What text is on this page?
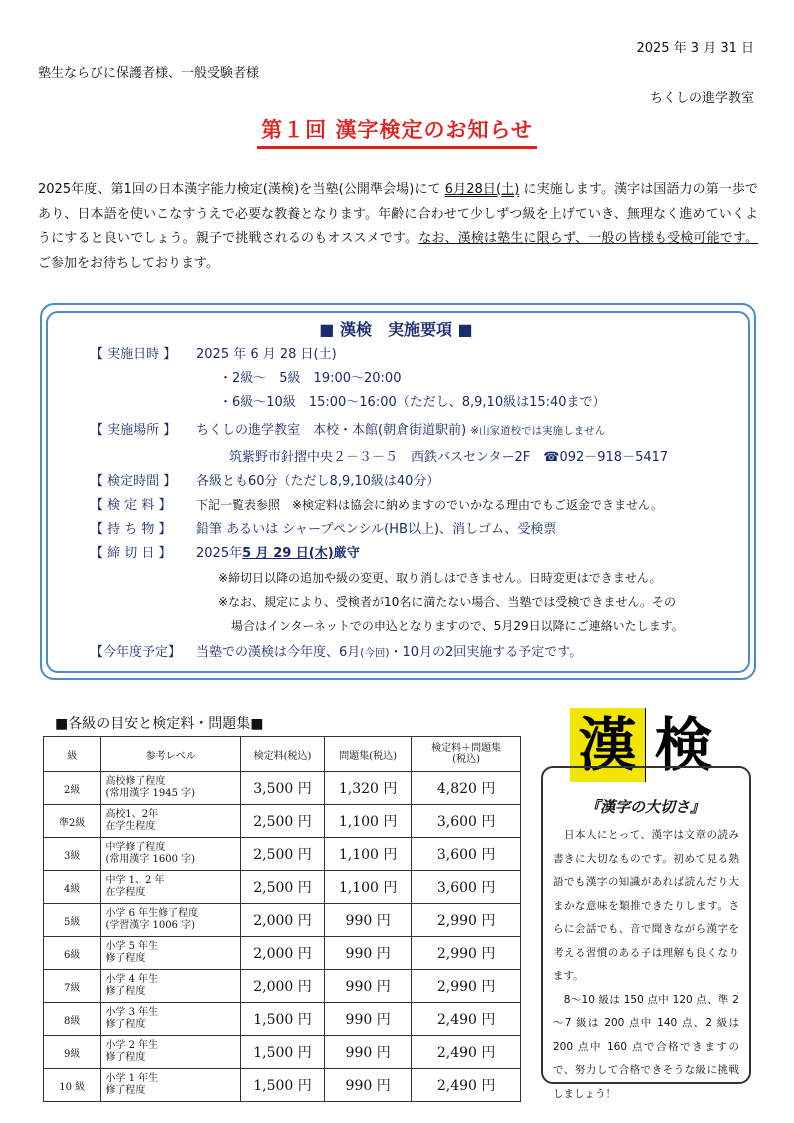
2025 年 3 月 31 日
塾生ならびに保護者様、一般受験者様
ちくしの進学教室
第１回 漢字検定のお知らせ
2025年度、第1回の日本漢字能力検定(漢検)を当塾(公開準会場)にて 6月28日(土) に実施します。漢字は国語力の第一歩であり、日本語を使いこなすうえで必要な教養となります。年齢に合わせて少しずつ級を上げていき、無理なく進めていくようにすると良いでしょう。親子で挑戦されるのもオススメです。なお、漢検は塾生に限らず、一般の皆様も受検可能です。ご参加をお待ちしております。
■ 漢検　実施要項 ■
【 実施日時 】 2025 年 6 月 28 日(土)
・2級～　5級　19:00～20:00
・6級～10級　15:00～16:00（ただし、8,9,10級は15:40まで）
【 実施場所 】 ちくしの進学教室　本校・本館(朝倉街道駅前) ※山家道校では実施しません
筑紫野市針摺中央２－３－５　西鉄バスセンター2F　 ☎092－918－5417
【 検定時間 】 各級とも60分（ただし8,9,10級は40分）
【 検 定 料 】 下記一覧表参照　※検定料は協会に納めますのでいかなる理由でもご返金できません。
【 持 ち 物 】 鉛筆 あるいは シャープペンシル(HB以上)、消しゴム、受検票
【 締 切 日 】 2025年5 月 29 日(木)厳守
※締切日以降の追加や級の変更、取り消しはできません。日時変更はできません。
※なお、規定により、受検者が10名に満たない場合、当塾では受検できません。その
場合はインターネットでの申込となりますので、5月29日以降にご連絡いたします。
【今年度予定】 当塾での漢検は今年度、6月(今回)・10月の2回実施する予定です。
■各級の目安と検定料・問題集■
級	参考レベル	検定料(税込)	問題集(税込)	検定料＋問題集
(税込)
2級	高校修了程度
(常用漢字 1945 字)	3,500 円	1,320 円	4,820 円
準2級	高校1、2年
在学生程度	2,500 円	1,100 円	3,600 円
3級	中学修了程度
(常用漢字 1600 字)	2,500 円	1,100 円	3,600 円
4級	中学 1、2 年
在学程度	2,500 円	1,100 円	3,600 円
5級	小学 6 年生修了程度
(学習漢字 1006 字)	2,000 円	990 円	2,990 円
6級	小学 5 年生
修了程度	2,000 円	990 円	2,990 円
7級	小学 4 年生
修了程度	2,000 円	990 円	2,990 円
8級	小学 3 年生
修了程度	1,500 円	990 円	2,490 円
9級	小学 2 年生
修了程度	1,500 円	990 円	2,490 円
10 級	小学 1 年生
修了程度	1,500 円	990 円	2,490 円
漢 検
『漢字の大切さ』
　日本人にとって、漢字は文章の読み書きに大切なものです。初めて見る熟語でも漢字の知識があれば読んだり大まかな意味を類推できたりします。さらに会話でも、音で聞きながら漢字を考える習慣のある子は理解も良くなります。
　8～10 級は 150 点中 120 点、準 2～7 級は 200 点中 140 点、2 級は 200 点中 160 点で合格できますので、努力して合格できそうな級に挑戦しましょう！
